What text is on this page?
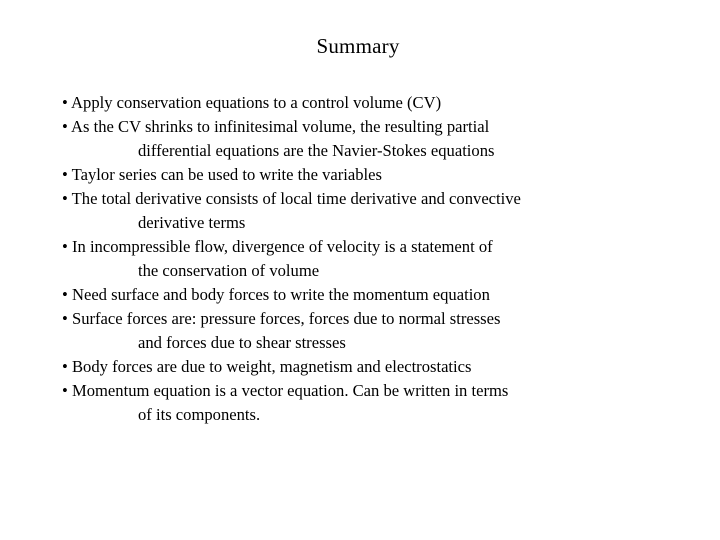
Summary
• Apply conservation equations to a control volume (CV)
• As the CV shrinks to infinitesimal volume, the resulting partial
differential equations are the Navier-Stokes equations
• Taylor series can be used to write the variables
• The total derivative consists of local time derivative and convective
derivative terms
• In incompressible flow, divergence of velocity is a statement of
the conservation of volume
• Need surface and body forces to write the momentum equation
• Surface forces are: pressure forces, forces due to normal stresses
and forces due to shear stresses
• Body forces are due to weight, magnetism and electrostatics
• Momentum equation is a vector equation. Can be written in terms
of its components.
